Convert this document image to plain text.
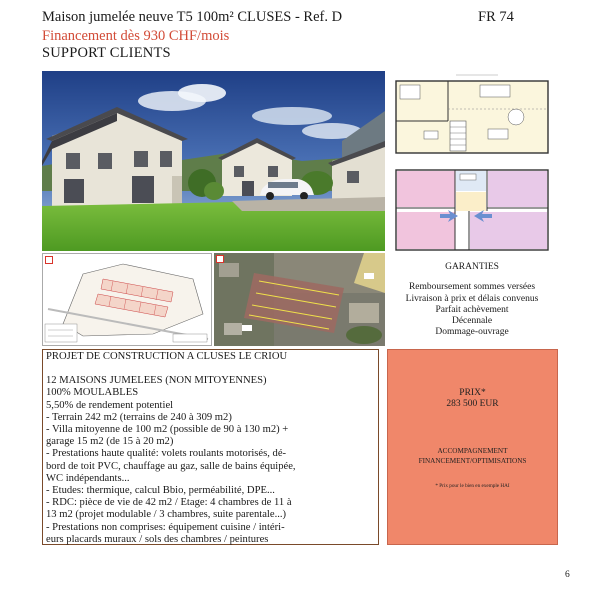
Maison jumelée neuve T5 100m² CLUSES - Ref. D	FR 74
Financement dès 930 CHF/mois
SUPPORT CLIENTS
GARANTIES
Remboursement sommes versées
Livraison à prix et délais convenus
Parfait achèvement
Décennale
Dommage-ouvrage
PROJET DE CONSTRUCTION A CLUSES LE CRIOU
12 MAISONS JUMELEES (NON MITOYENNES)
100% MOULABLES
5,50% de rendement potentiel
- Terrain 242 m2 (terrains de 240 à 309 m2)
- Villa mitoyenne de 100 m2 (possible de 90 à 130 m2) +
garage 15 m2 (de 15 à 20 m2)
- Prestations haute qualité: volets roulants motorisés, dé-
bord de toit PVC, chauffage au gaz, salle de bains équipée,
WC indépendants...
- Etudes: thermique, calcul Bbio, perméabilité, DPE...
- RDC: pièce de vie de 42 m2 / Etage: 4 chambres de 11 à
13 m2 (projet modulable / 3 chambres, suite parentale...)
- Prestations non comprises: équipement cuisine / intéri-
eurs placards muraux / sols des chambres / peintures
PRIX*
283 500 EUR
ACCOMPAGNEMENT
FINANCEMENT/OPTIMISATIONS
* Prix pour le bien en exemple HAI
6
